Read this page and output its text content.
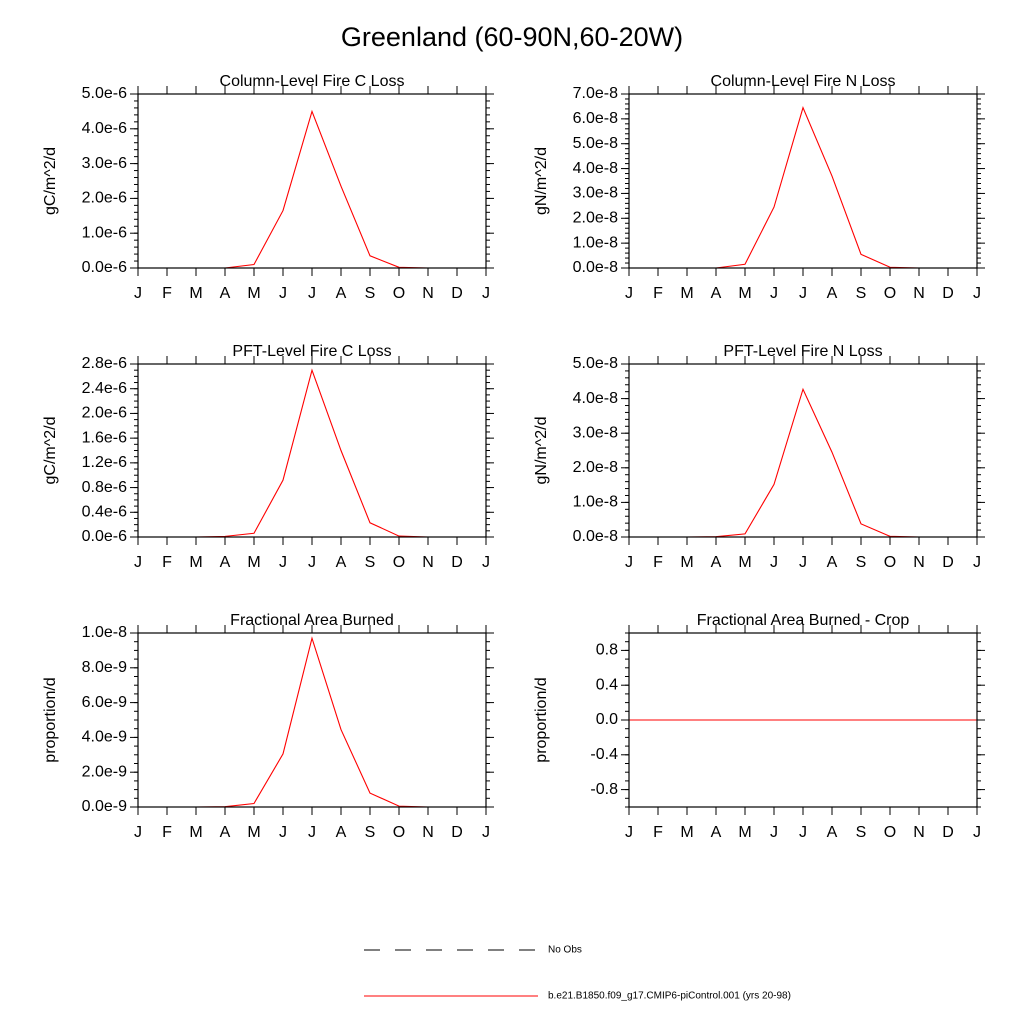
Greenland (60-90N,60-20W)
Column-Level Fire C Loss
gC/m^2/d
0.0e-6
1.0e-6
2.0e-6
3.0e-6
4.0e-6
5.0e-6
J F M A M J J A S O N D J
Column-Level Fire N Loss
gN/m^2/d
0.0e-8
1.0e-8
2.0e-8
3.0e-8
4.0e-8
5.0e-8
6.0e-8
7.0e-8
J F M A M J J A S O N D J
PFT-Level Fire C Loss
gC/m^2/d
0.0e-6
0.4e-6
0.8e-6
1.2e-6
1.6e-6
2.0e-6
2.4e-6
2.8e-6
J F M A M J J A S O N D J
PFT-Level Fire N Loss
gN/m^2/d
0.0e-8
1.0e-8
2.0e-8
3.0e-8
4.0e-8
5.0e-8
J F M A M J J A S O N D J
Fractional Area Burned
proportion/d
0.0e-9
2.0e-9
4.0e-9
6.0e-9
8.0e-9
1.0e-8
J F M A M J J A S O N D J
Fractional Area Burned - Crop
proportion/d
-0.8
-0.4
0.0
0.4
0.8
J F M A M J J A S O N D J
No Obs
b.e21.B1850.f09_g17.CMIP6-piControl.001 (yrs 20-98)
